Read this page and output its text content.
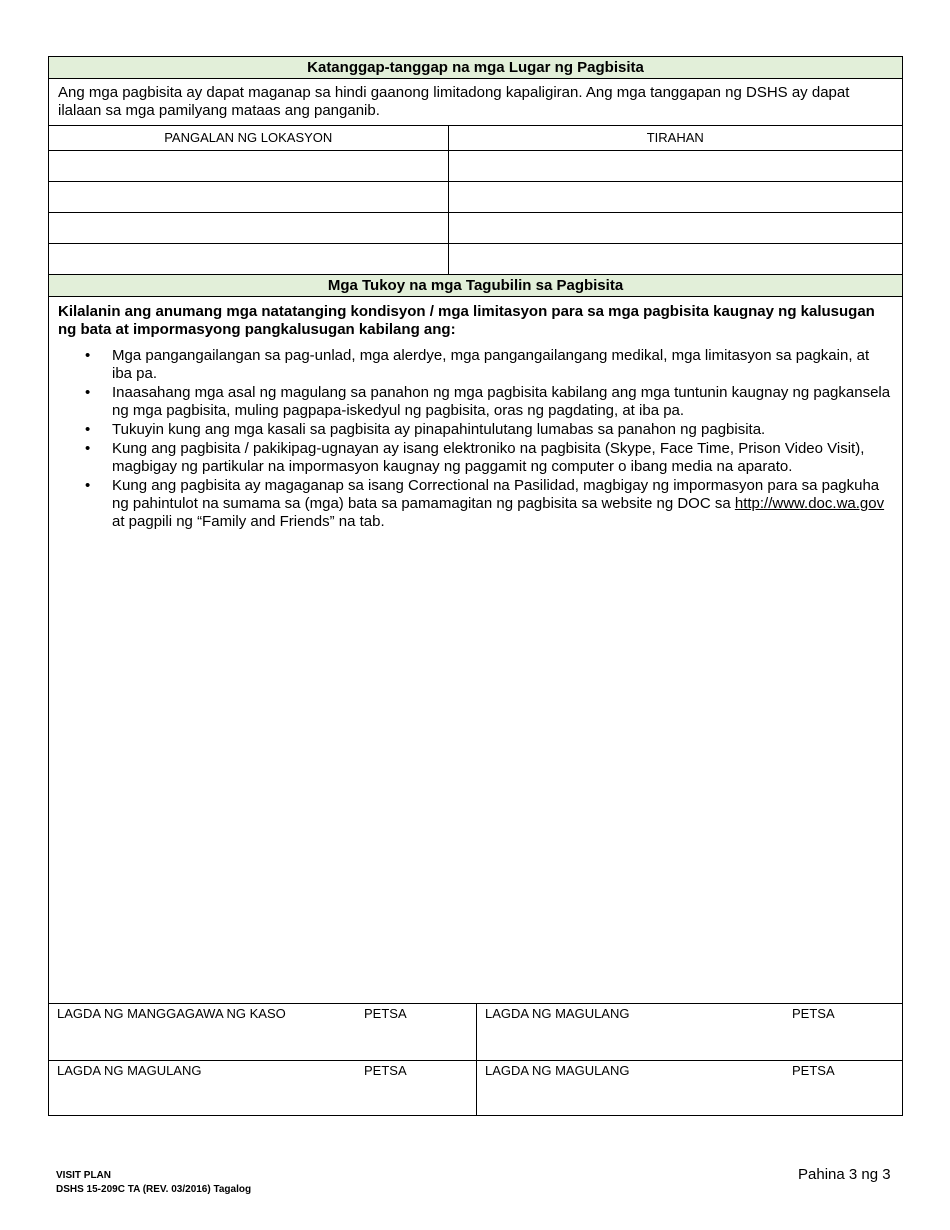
Katanggap-tanggap na mga Lugar ng Pagbisita
Ang mga pagbisita ay dapat maganap sa hindi gaanong limitadong kapaligiran. Ang mga tanggapan ng DSHS ay dapat ilalaan sa mga pamilyang mataas ang panganib.
PANGALAN NG LOKASYON	TIRAHAN

Mga Tukoy na mga Tagubilin sa Pagbisita
Kilalanin ang anumang mga natatanging kondisyon / mga limitasyon para sa mga pagbisita kaugnay ng kalusugan ng bata at impormasyong pangkalusugan kabilang ang:
• Mga pangangailangan sa pag-unlad, mga alerdye, mga pangangailangang medikal, mga limitasyon sa pagkain, at iba pa.
• Inaasahang mga asal ng magulang sa panahon ng mga pagbisita kabilang ang mga tuntunin kaugnay ng pagkansela ng mga pagbisita, muling pagpapa-iskedyul ng pagbisita, oras ng pagdating, at iba pa.
• Tukuyin kung ang mga kasali sa pagbisita ay pinapahintulutang lumabas sa panahon ng pagbisita.
• Kung ang pagbisita / pakikipag-ugnayan ay isang elektroniko na pagbisita (Skype, Face Time, Prison Video Visit), magbigay ng partikular na impormasyon kaugnay ng paggamit ng computer o ibang media na aparato.
• Kung ang pagbisita ay magaganap sa isang Correctional na Pasilidad, magbigay ng impormasyon para sa pagkuha ng pahintulot na sumama sa (mga) bata sa pamamagitan ng pagbisita sa website ng DOC sa http://www.doc.wa.gov at pagpili ng “Family and Friends” na tab.
LAGDA NG MANGGAGAWA NG KASO	PETSA	LAGDA NG MAGULANG	PETSA
LAGDA NG MAGULANG	PETSA	LAGDA NG MAGULANG	PETSA
VISIT PLAN
DSHS 15-209C TA (REV. 03/2016) Tagalog
Pahina 3 ng 3
